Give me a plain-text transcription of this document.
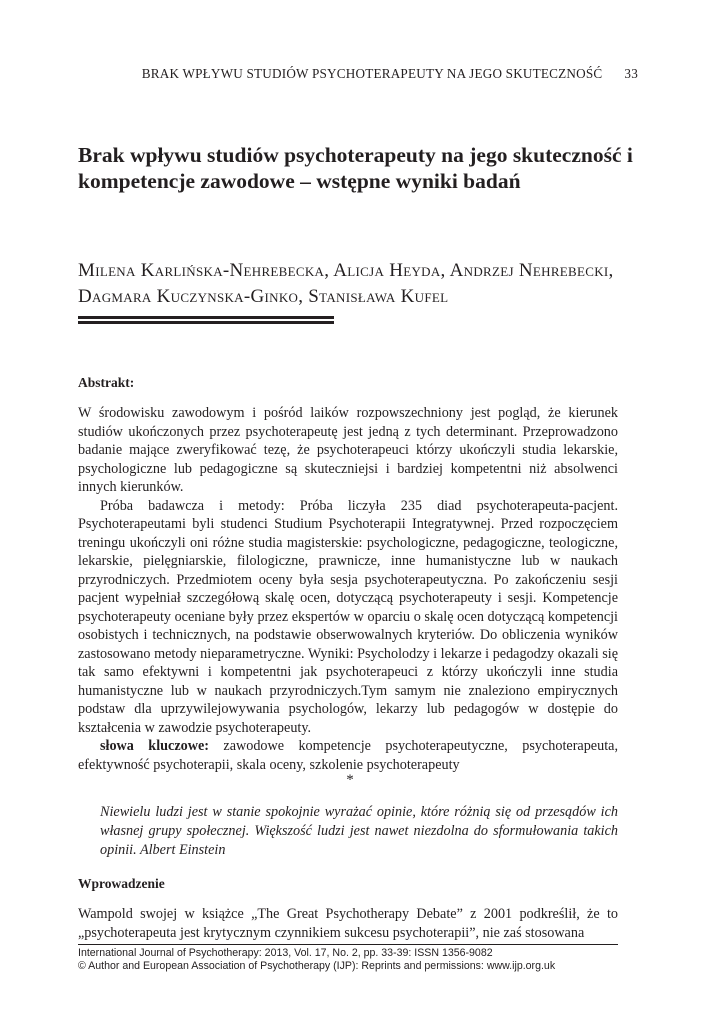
BRAK WPŁYWU STUDIÓW PSYCHOTERAPEUTY NA JEGO SKUTECZNOŚĆ 33
Brak wpływu studiów psychoterapeuty na jego skuteczność i kompetencje zawodowe – wstępne wyniki badań
Milena Karlińska-Nehrebecka, Alicja Heyda, Andrzej Nehrebecki, Dagmara Kuczynska-Ginko, Stanisława Kufel
Abstrakt:

W środowisku zawodowym i pośród laików rozpowszechniony jest pogląd, że kierunek studiów ukończonych przez psychoterapeutę jest jedną z tych determinant. Przeprowadzono badanie mające zweryfikować tezę, że psychoterapeuci którzy ukończyli studia lekarskie, psychologiczne lub pedagogiczne są skuteczniejsi i bardziej kompetentni niż absolwenci innych kierunków.

Próba badawcza i metody: Próba liczyła 235 diad psychoterapeuta-pacjent. Psychoterapeutami byli studenci Studium Psychoterapii Integratywnej. Przed rozpoczęciem treningu ukończyli oni różne studia magisterskie: psychologiczne, pedagogiczne, teologiczne, lekarskie, pielęgniarskie, filologiczne, prawnicze, inne humanistyczne lub w naukach przyrodniczych. Przedmiotem oceny była sesja psychoterapeutyczna. Po zakończeniu sesji pacjent wypełniał szczegółową skalę ocen, dotyczącą psychoterapeuty i sesji. Kompetencje psychoterapeuty oceniane były przez ekspertów w oparciu o skalę ocen dotyczącą kompetencji osobistych i technicznych, na podstawie obserwowalnych kryteriów. Do obliczenia wyników zastosowano metody nieparametryczne. Wyniki: Psycholodzy i lekarze i pedagodzy okazali się tak samo efektywni i kompetentni jak psychoterapeuci z którzy ukończyli inne studia humanistyczne lub w naukach przyrodniczych.Tym samym nie znaleziono empirycznych podstaw dla uprzywilejowywania psychologów, lekarzy lub pedagogów w dostępie do kształcenia w zawodzie psychoterapeuty.

słowa kluczowe: zawodowe kompetencje psychoterapeutyczne, psychoterapeuta, efektywność psychoterapii, skala oceny, szkolenie psychoterapeuty

*

Niewielu ludzi jest w stanie spokojnie wyrażać opinie, które różnią się od przesądów ich własnej grupy społecznej. Większość ludzi jest nawet niezdolna do sformułowania takich opinii. Albert Einstein

Wprowadzenie

Wampold swojej w książce „The Great Psychotherapy Debate” z 2001 podkreślił, że to „psychoterapeuta jest krytycznym czynnikiem sukcesu psychoterapii”, nie zaś stosowana

International Journal of Psychotherapy: 2013, Vol. 17, No. 2, pp. 33-39: ISSN 1356-9082
© Author and European Association of Psychotherapy (IJP): Reprints and permissions: www.ijp.org.uk
